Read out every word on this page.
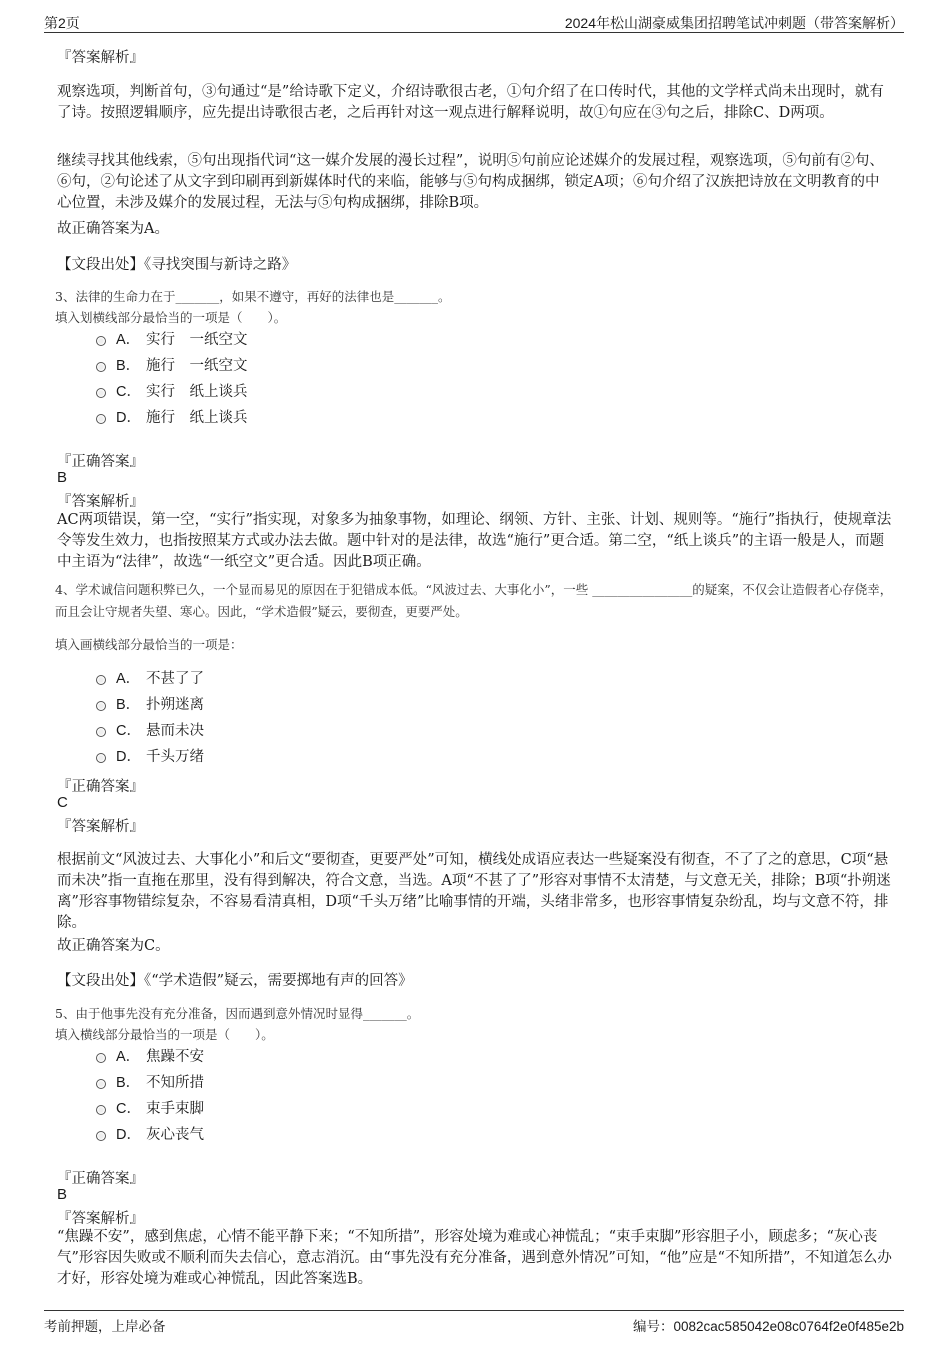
第2页	2024年松山湖豪威集团招聘笔试冲刺题（带答案解析）
『答案解析』

观察选项，判断首句，③句通过“是”给诗歌下定义，介绍诗歌很古老，①句介绍了在口传时代，其他的文学样式尚未出现时，就有了诗。按照逻辑顺序，应先提出诗歌很古老，之后再针对这一观点进行解释说明，故①句应在③句之后，排除C、D两项。

继续寻找其他线索，⑤句出现指代词“这一媒介发展的漫长过程”，说明⑤句前应论述媒介的发展过程，观察选项，⑤句前有②句、⑥句，②句论述了从文字到印刷再到新媒体时代的来临，能够与⑤句构成捆绑，锁定A项；⑥句介绍了汉族把诗放在文明教育的中心位置，未涉及媒介的发展过程，无法与⑤句构成捆绑，排除B项。

故正确答案为A。

【文段出处】《寻找突围与新诗之路》

3、法律的生命力在于_______，如果不遵守，再好的法律也是_______。
填入划横线部分最恰当的一项是（　　）。
A． 实行　一纸空文
B． 施行　一纸空文
C． 实行　纸上谈兵
D． 施行　纸上谈兵
『正确答案』
B
『答案解析』

AC两项错误，第一空，“实行”指实现，对象多为抽象事物，如理论、纲领、方针、主张、计划、规则等。“施行”指执行，使规章法令等发生效力，也指按照某方式或办法去做。题中针对的是法律，故选“施行”更合适。第二空，“纸上谈兵”的主语一般是人，而题中主语为“法律”，故选“一纸空文”更合适。因此B项正确。

4、学术诚信问题积弊已久，一个显而易见的原因在于犯错成本低。“风波过去、大事化小”，一些 ________________的疑案，不仅会让造假者心存侥幸，而且会让守规者失望、寒心。因此，“学术造假”疑云，要彻查，更要严处。
填入画横线部分最恰当的一项是：
A． 不甚了了
B． 扑朔迷离
C． 悬而未决
D． 千头万绪
『正确答案』
C
『答案解析』

根据前文“风波过去、大事化小”和后文“要彻查，更要严处”可知，横线处成语应表达一些疑案没有彻查，不了了之的意思，C项“悬而未决”指一直拖在那里，没有得到解决，符合文意，当选。A项“不甚了了”形容对事情不太清楚，与文意无关，排除；B项“扑朔迷离”形容事物错综复杂，不容易看清真相，D项“千头万绪”比喻事情的开端，头绪非常多，也形容事情复杂纷乱，均与文意不符，排除。

故正确答案为C。

【文段出处】《“学术造假”疑云，需要掷地有声的回答》

5、由于他事先没有充分准备，因而遇到意外情况时显得_______。
填入横线部分最恰当的一项是（　　）。
A． 焦躁不安
B． 不知所措
C． 束手束脚
D． 灰心丧气
『正确答案』
B
『答案解析』

“焦躁不安”，感到焦虑，心情不能平静下来；“不知所措”，形容处境为难或心神慌乱；“束手束脚”形容胆子小，顾虑多；“灰心丧气”形容因失败或不顺利而失去信心，意志消沉。由“事先没有充分准备，遇到意外情况”可知，“他”应是“不知所措”，不知道怎么办才好，形容处境为难或心神慌乱，因此答案选B。

考前押题，上岸必备	编号：0082cac585042e08c0764f2e0f485e2b
